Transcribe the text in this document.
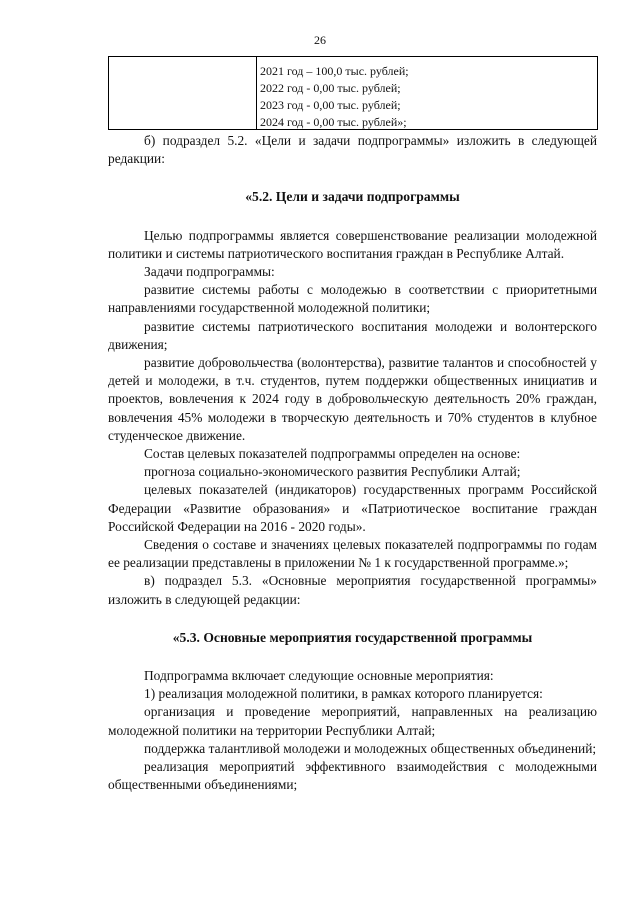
26
2021 год – 100,0 тыс. рублей;
2022 год - 0,00 тыс. рублей;
2023 год - 0,00 тыс. рублей;
2024 год - 0,00 тыс. рублей»;

б) подраздел 5.2. «Цели и задачи подпрограммы» изложить в следующей редакции:

«5.2. Цели и задачи подпрограммы

Целью подпрограммы является совершенствование реализации молодежной политики и системы патриотического воспитания граждан в Республике Алтай.

Задачи подпрограммы:

развитие системы работы с молодежью в соответствии с приоритетными направлениями государственной молодежной политики;

развитие системы патриотического воспитания молодежи и волонтерского движения;

развитие добровольчества (волонтерства), развитие талантов и способностей у детей и молодежи, в т.ч. студентов, путем поддержки общественных инициатив и проектов, вовлечения к 2024 году в добровольческую деятельность 20% граждан, вовлечения 45% молодежи в творческую деятельность и 70% студентов в клубное студенческое движение.

Состав целевых показателей подпрограммы определен на основе:

прогноза социально-экономического развития Республики Алтай;

целевых показателей (индикаторов) государственных программ Российской Федерации «Развитие образования» и «Патриотическое воспитание граждан Российской Федерации на 2016 - 2020 годы».

Сведения о составе и значениях целевых показателей подпрограммы по годам ее реализации представлены в приложении № 1 к государственной программе.»;

в) подраздел 5.3. «Основные мероприятия государственной программы» изложить в следующей редакции:

«5.3. Основные мероприятия государственной программы

Подпрограмма включает следующие основные мероприятия:

1) реализация молодежной политики, в рамках которого планируется:

организация и проведение мероприятий, направленных на реализацию молодежной политики на территории Республики Алтай;

поддержка талантливой молодежи и молодежных общественных объединений;

реализация мероприятий эффективного взаимодействия с молодежными общественными объединениями;
